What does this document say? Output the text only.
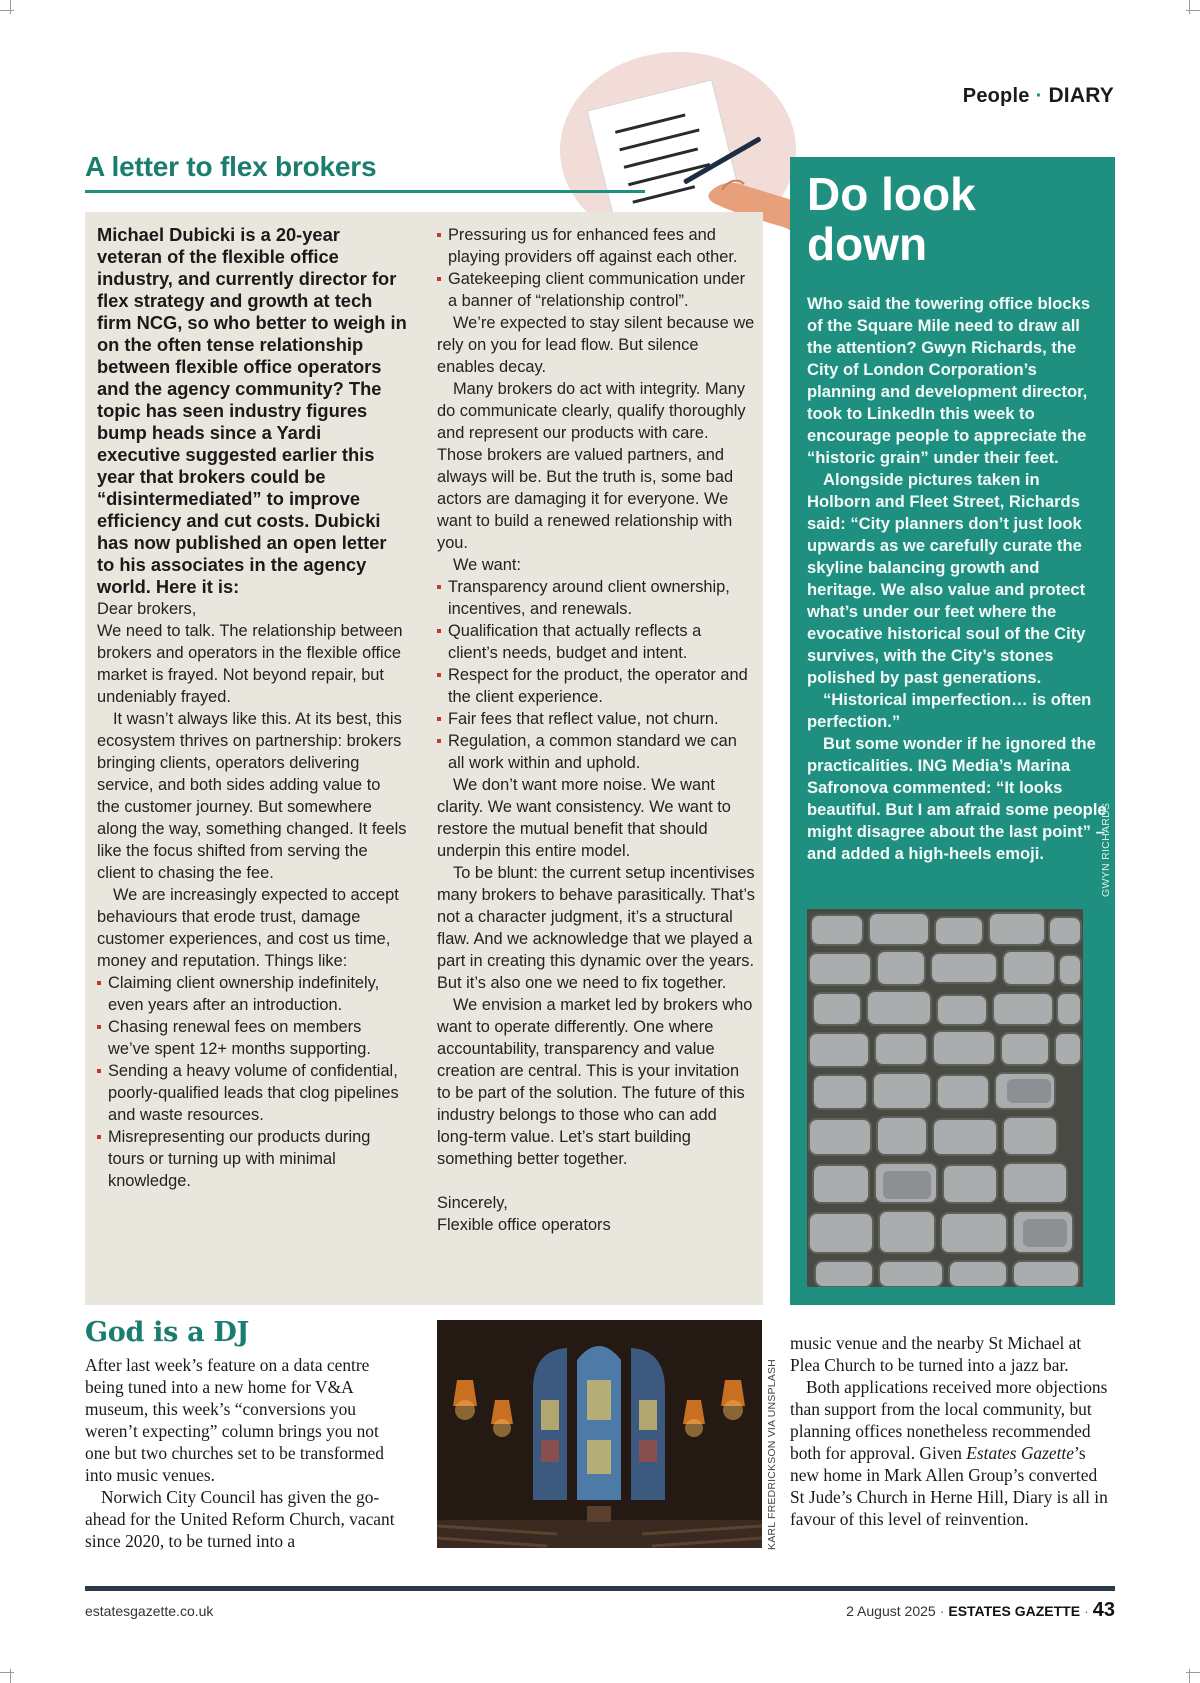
People · DIARY
A letter to flex brokers

Michael Dubicki is a 20-year veteran of the flexible office industry, and currently director for flex strategy and growth at tech firm NCG, so who better to weigh in on the often tense relationship between flexible office operators and the agency community? The topic has seen industry figures bump heads since a Yardi executive suggested earlier this year that brokers could be “disintermediated” to improve efficiency and cut costs. Dubicki has now published an open letter to his associates in the agency world. Here it is:

Dear brokers,

We need to talk. The relationship between brokers and operators in the flexible office market is frayed. Not beyond repair, but undeniably frayed.

It wasn’t always like this. At its best, this ecosystem thrives on partnership: brokers bringing clients, operators delivering service, and both sides adding value to the customer journey. But somewhere along the way, something changed. It feels like the focus shifted from serving the client to chasing the fee.

We are increasingly expected to accept behaviours that erode trust, damage customer experiences, and cost us time, money and reputation. Things like:

Claiming client ownership indefinitely, even years after an introduction.
Chasing renewal fees on members we’ve spent 12+ months supporting.
Sending a heavy volume of confidential, poorly-qualified leads that clog pipelines and waste resources.
Misrepresenting our products during tours or turning up with minimal knowledge.
Pressuring us for enhanced fees and playing providers off against each other.
Gatekeeping client communication under a banner of “relationship control”.

We’re expected to stay silent because we rely on you for lead flow. But silence enables decay.

Many brokers do act with integrity. Many do communicate clearly, qualify thoroughly and represent our products with care. Those brokers are valued partners, and always will be. But the truth is, some bad actors are damaging it for everyone. We want to build a renewed relationship with you.

We want:

Transparency around client ownership, incentives, and renewals.
Qualification that actually reflects a client’s needs, budget and intent.
Respect for the product, the operator and the client experience.
Fair fees that reflect value, not churn.
Regulation, a common standard we can all work within and uphold.

We don’t want more noise. We want clarity. We want consistency. We want to restore the mutual benefit that should underpin this entire model.

To be blunt: the current setup incentivises many brokers to behave parasitically. That’s not a character judgment, it’s a structural flaw. And we acknowledge that we played a part in creating this dynamic over the years. But it’s also one we need to fix together.

We envision a market led by brokers who want to operate differently. One where accountability, transparency and value creation are central. This is your invitation to be part of the solution. The future of this industry belongs to those who can add long-term value. Let’s start building something better together.

Sincerely,

Flexible office operators

Do look down

Who said the towering office blocks of the Square Mile need to draw all the attention? Gwyn Richards, the City of London Corporation’s planning and development director, took to LinkedIn this week to encourage people to appreciate the “historic grain” under their feet.

Alongside pictures taken in Holborn and Fleet Street, Richards said: “City planners don’t just look upwards as we carefully curate the skyline balancing growth and heritage. We also value and protect what’s under our feet where the evocative historical soul of the City survives, with the City’s stones polished by past generations.

“Historical imperfection… is often perfection.”

But some wonder if he ignored the practicalities. ING Media’s Marina Safronova commented: “It looks beautiful. But I am afraid some people might disagree about the last point” – and added a high-heels emoji.	GWYN RICHARDS
God is a DJ

After last week’s feature on a data centre being tuned into a new home for V&A museum, this week’s “conversions you weren’t expecting” column brings you not one but two churches set to be transformed into music venues.

Norwich City Council has given the go-ahead for the United Reform Church, vacant since 2020, to be turned into a	KARL FREDRICKSON VIA UNSPLASH

music venue and the nearby St Michael at Plea Church to be turned into a jazz bar.

Both applications received more objections than support from the local community, but planning offices nonetheless recommended both for approval. Given Estates Gazette’s new home in Mark Allen Group’s converted St Jude’s Church in Herne Hill, Diary is all in favour of this level of reinvention.

estatesgazette.co.uk	2 August 2025 · ESTATES GAZETTE · 43
